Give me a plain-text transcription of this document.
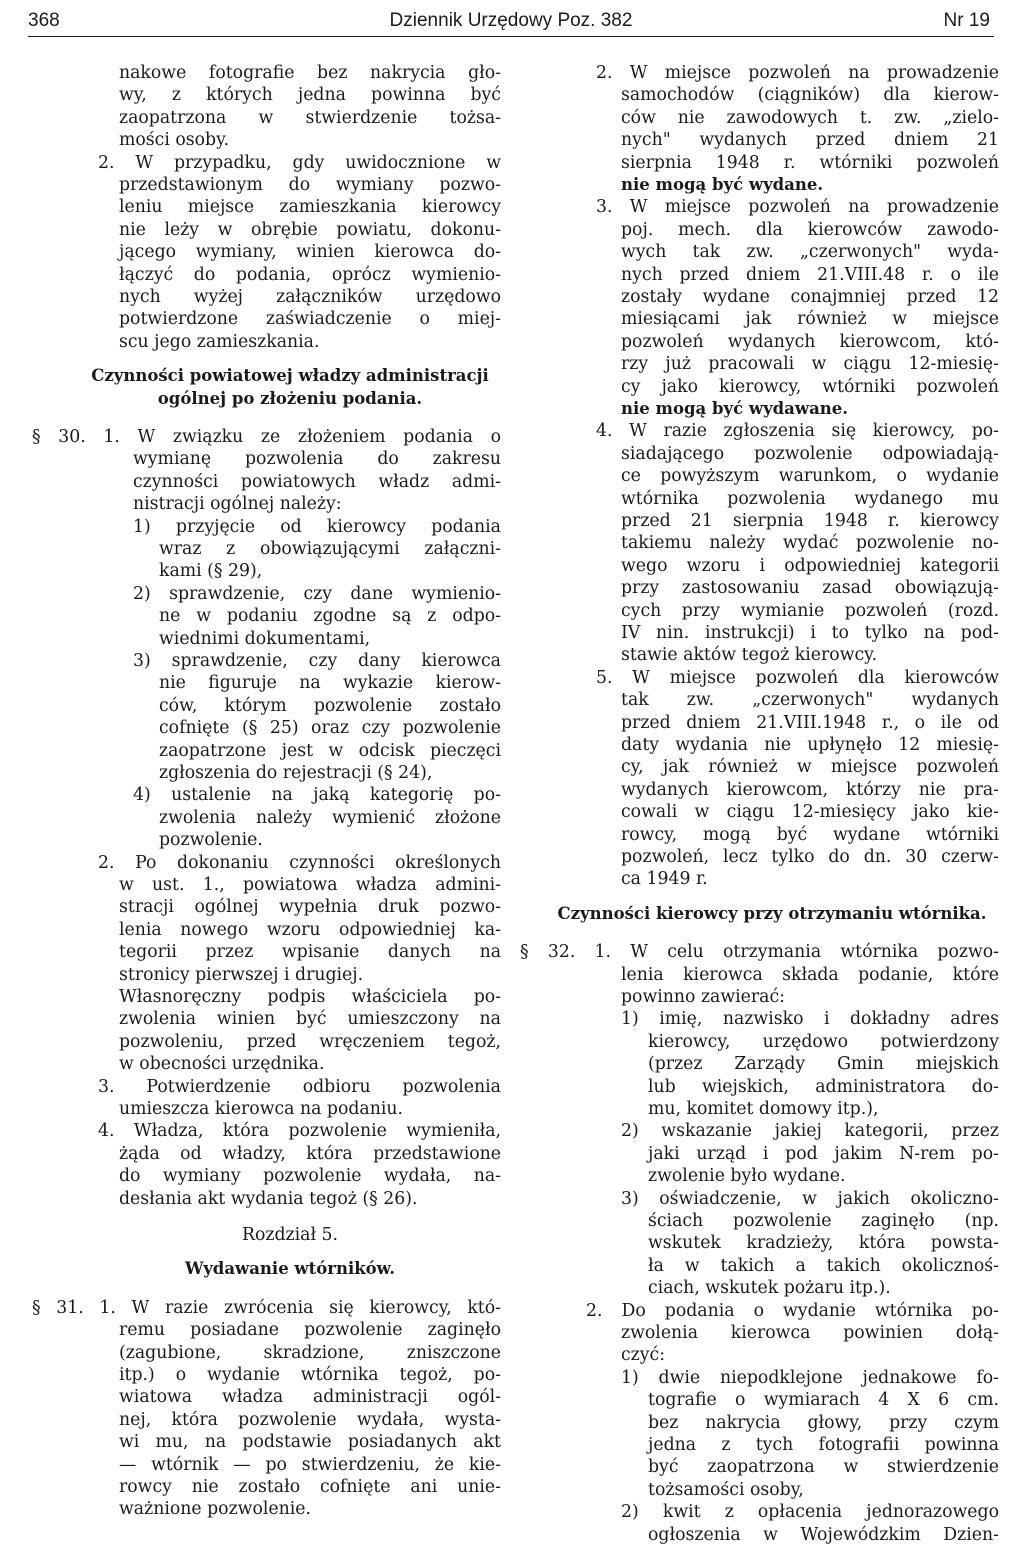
368	Dziennik Urzędowy Poz. 382	Nr 19
nakowe fotografie bez nakrycia gło-
wy, z których jedna powinna być
zaopatrzona w stwierdzenie tożsa-
mości osoby.
2. W przypadku, gdy uwidocznione w
przedstawionym do wymiany pozwo-
leniu miejsce zamieszkania kierowcy
nie leży w obrębie powiatu, dokonu-
jącego wymiany, winien kierowca do-
łączyć do podania, oprócz wymienio-
nych wyżej załączników urzędowo
potwierdzone zaświadczenie o miej-
scu jego zamieszkania.
Czynności powiatowej władzy administracji
ogólnej po złożeniu podania.
§ 30. 1. W związku ze złożeniem podania o
wymianę pozwolenia do zakresu
czynności powiatowych władz admi-
nistracji ogólnej należy:
1) przyjęcie od kierowcy podania
wraz z obowiązującymi załączni-
kami (§ 29),
2) sprawdzenie, czy dane wymienio-
ne w podaniu zgodne są z odpo-
wiednimi dokumentami,
3) sprawdzenie, czy dany kierowca
nie figuruje na wykazie kierow-
ców, którym pozwolenie zostało
cofnięte (§ 25) oraz czy pozwolenie
zaopatrzone jest w odcisk pieczęci
zgłoszenia do rejestracji (§ 24),
4) ustalenie na jaką kategorię po-
zwolenia należy wymienić złożone
pozwolenie.
2. Po dokonaniu czynności określonych
w ust. 1., powiatowa władza admini-
stracji ogólnej wypełnia druk pozwo-
lenia nowego wzoru odpowiedniej ka-
tegorii przez wpisanie danych na
stronicy pierwszej i drugiej.
Własnoręczny podpis właściciela po-
zwolenia winien być umieszczony na
pozwoleniu, przed wręczeniem tegoż,
w obecności urzędnika.
3. Potwierdzenie odbioru pozwolenia
umieszcza kierowca na podaniu.
4. Władza, która pozwolenie wymieniła,
żąda od władzy, która przedstawione
do wymiany pozwolenie wydała, na-
desłania akt wydania tegoż (§ 26).
Rozdział 5.
Wydawanie wtórników.
§ 31. 1. W razie zwrócenia się kierowcy, któ-
remu posiadane pozwolenie zaginęło
(zagubione, skradzione, zniszczone
itp.) o wydanie wtórnika tegoż, po-
wiatowa władza administracji ogól-
nej, która pozwolenie wydała, wysta-
wi mu, na podstawie posiadanych akt
— wtórnik — po stwierdzeniu, że kie-
rowcy nie zostało cofnięte ani unie-
ważnione pozwolenie.
2. W miejsce pozwoleń na prowadzenie
samochodów (ciągników) dla kierow-
ców nie zawodowych t. zw. „zielo-
nych" wydanych przed dniem 21
sierpnia 1948 r. wtórniki pozwoleń
nie mogą być wydane.
3. W miejsce pozwoleń na prowadzenie
poj. mech. dla kierowców zawodo-
wych tak zw. „czerwonych" wyda-
nych przed dniem 21.VIII.48 r. o ile
zostały wydane conajmniej przed 12
miesiącami jak również w miejsce
pozwoleń wydanych kierowcom, któ-
rzy już pracowali w ciągu 12-miesię-
cy jako kierowcy, wtórniki pozwoleń
nie mogą być wydawane.
4. W razie zgłoszenia się kierowcy, po-
siadającego pozwolenie odpowiadają-
ce powyższym warunkom, o wydanie
wtórnika pozwolenia wydanego mu
przed 21 sierpnia 1948 r. kierowcy
takiemu należy wydać pozwolenie no-
wego wzoru i odpowiedniej kategorii
przy zastosowaniu zasad obowiązują-
cych przy wymianie pozwoleń (rozd.
IV nin. instrukcji) i to tylko na pod-
stawie aktów tegoż kierowcy.
5. W miejsce pozwoleń dla kierowców
tak zw. „czerwonych" wydanych
przed dniem 21.VIII.1948 r., o ile od
daty wydania nie upłynęło 12 miesię-
cy, jak również w miejsce pozwoleń
wydanych kierowcom, którzy nie pra-
cowali w ciągu 12-miesięcy jako kie-
rowcy, mogą być wydane wtórniki
pozwoleń, lecz tylko do dn. 30 czerw-
ca 1949 r.
Czynności kierowcy przy otrzymaniu wtórnika.
§ 32. 1. W celu otrzymania wtórnika pozwo-
lenia kierowca składa podanie, które
powinno zawierać:
1) imię, nazwisko i dokładny adres
kierowcy, urzędowo potwierdzony
(przez Zarządy Gmin miejskich
lub wiejskich, administratora do-
mu, komitet domowy itp.),
2) wskazanie jakiej kategorii, przez
jaki urząd i pod jakim N-rem po-
zwolenie było wydane.
3) oświadczenie, w jakich okoliczno-
ściach pozwolenie zaginęło (np.
wskutek kradzieży, która powsta-
ła w takich a takich okolicznoś-
ciach, wskutek pożaru itp.).
2. Do podania o wydanie wtórnika po-
zwolenia kierowca powinien dołą-
czyć:
1) dwie niepodklejone jednakowe fo-
tografie o wymiarach 4 X 6 cm.
bez nakrycia głowy, przy czym
jedna z tych fotografii powinna
być zaopatrzona w stwierdzenie
tożsamości osoby,
2) kwit z opłacenia jednorazowego
ogłoszenia w Wojewódzkim Dzien-
